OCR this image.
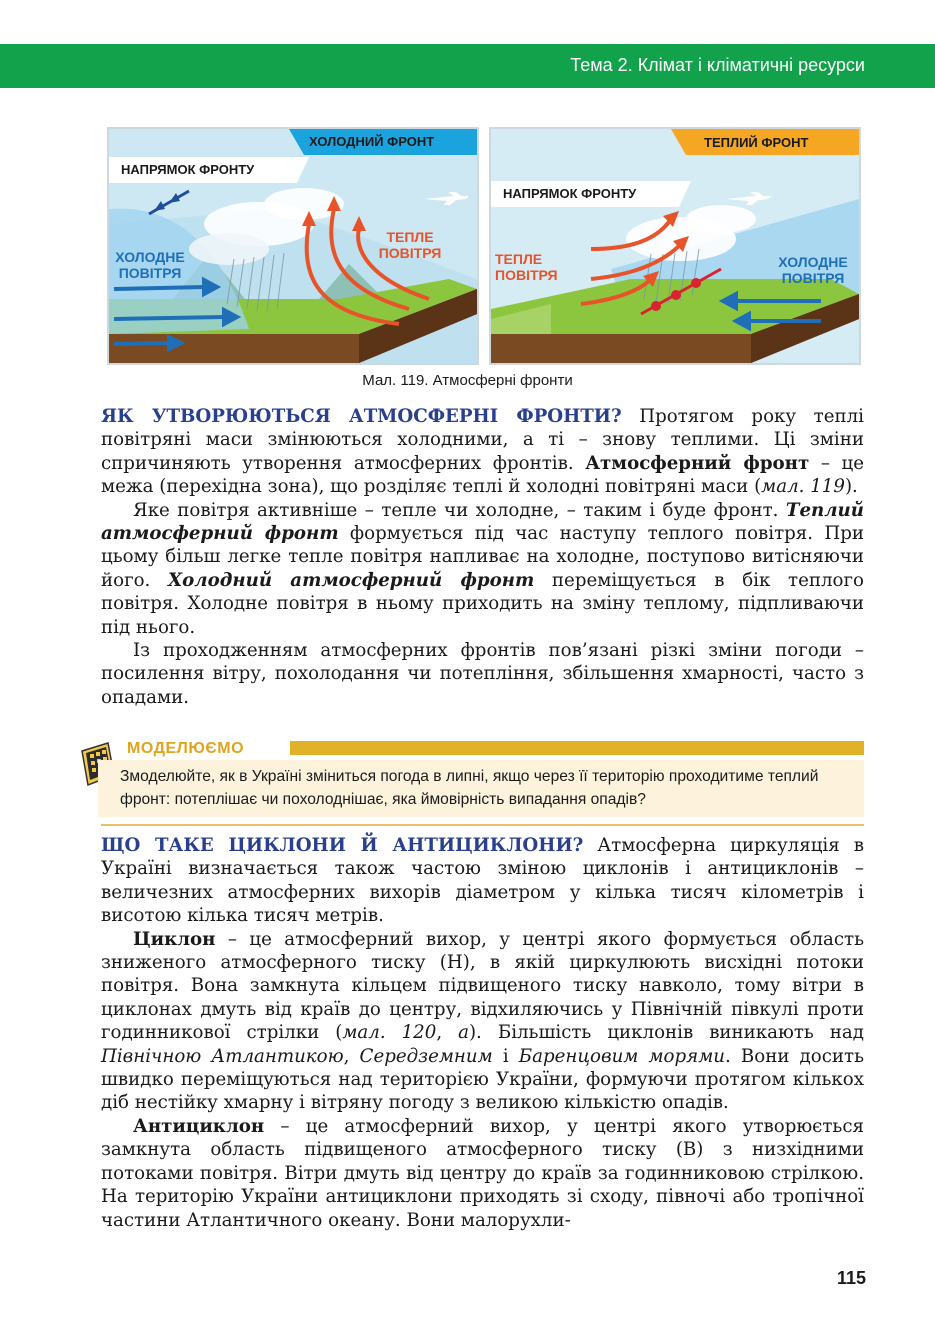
Тема 2. Клімат і кліматичні ресурси
ХОЛОДНИЙ ФРОНТ
НАПРЯМОК ФРОНТУ
ХОЛОДНЕ
ПОВІТРЯ
ТЕПЛЕ
ПОВІТРЯ
ТЕПЛИЙ ФРОНТ
НАПРЯМОК ФРОНТУ
ТЕПЛЕ
ПОВІТРЯ
ХОЛОДНЕ
ПОВІТРЯ
Мал. 119. Атмосферні фронти

ЯК УТВОРЮЮТЬСЯ АТМОСФЕРНІ ФРОНТИ? Протягом року теплі повітряні маси змінюються холодними, а ті – знову теплими. Ці зміни спричиняють утворення атмосферних фронтів. Атмосферний фронт – це межа (перехідна зона), що розділяє теплі й холодні повітряні маси (мал. 119).

Яке повітря активніше – тепле чи холодне, – таким і буде фронт. Теплий атмосферний фронт формується під час наступу теплого повітря. При цьому більш легке тепле повітря напливає на холодне, поступово витісняючи його. Холодний атмосферний фронт переміщується в бік теплого повітря. Холодне повітря в ньому приходить на зміну теплому, підпливаючи під нього.

Із проходженням атмосферних фронтів пов’язані різкі зміни погоди – посилення вітру, похолодання чи потепління, збільшення хмарності, часто з опадами.

МОДЕЛЮЄМО
Змоделюйте, як в Україні зміниться погода в липні, якщо через її територію проходитиме теплий фронт: потеплішає чи похолоднішає, яка ймовірність випадання опадів?

ЩО ТАКЕ ЦИКЛОНИ Й АНТИЦИКЛОНИ? Атмосферна циркуляція в Україні визначається також частою зміною циклонів і антициклонів – величезних атмосферних вихорів діаметром у кілька тисяч кілометрів і висотою кілька тисяч метрів.

Циклон – це атмосферний вихор, у центрі якого формується область зниженого атмосферного тиску (Н), в якій циркулюють висхідні потоки повітря. Вона замкнута кільцем підвищеного тиску навколо, тому вітри в циклонах дмуть від країв до центру, відхиляючись у Північній півкулі проти годинникової стрілки (мал. 120, а). Більшість циклонів виникають над Північною Атлантикою, Середземним і Баренцовим морями. Вони досить швидко переміщуються над територією України, формуючи протягом кількох діб нестійку хмарну і вітряну погоду з великою кількістю опадів.

Антициклон – це атмосферний вихор, у центрі якого утворюється замкнута область підвищеного атмосферного тиску (В) з низхідними потоками повітря. Вітри дмуть від центру до країв за годинниковою стрілкою. На територію України антициклони приходять зі сходу, півночі або тропічної частини Атлантичного океану. Вони малорухли-

115
